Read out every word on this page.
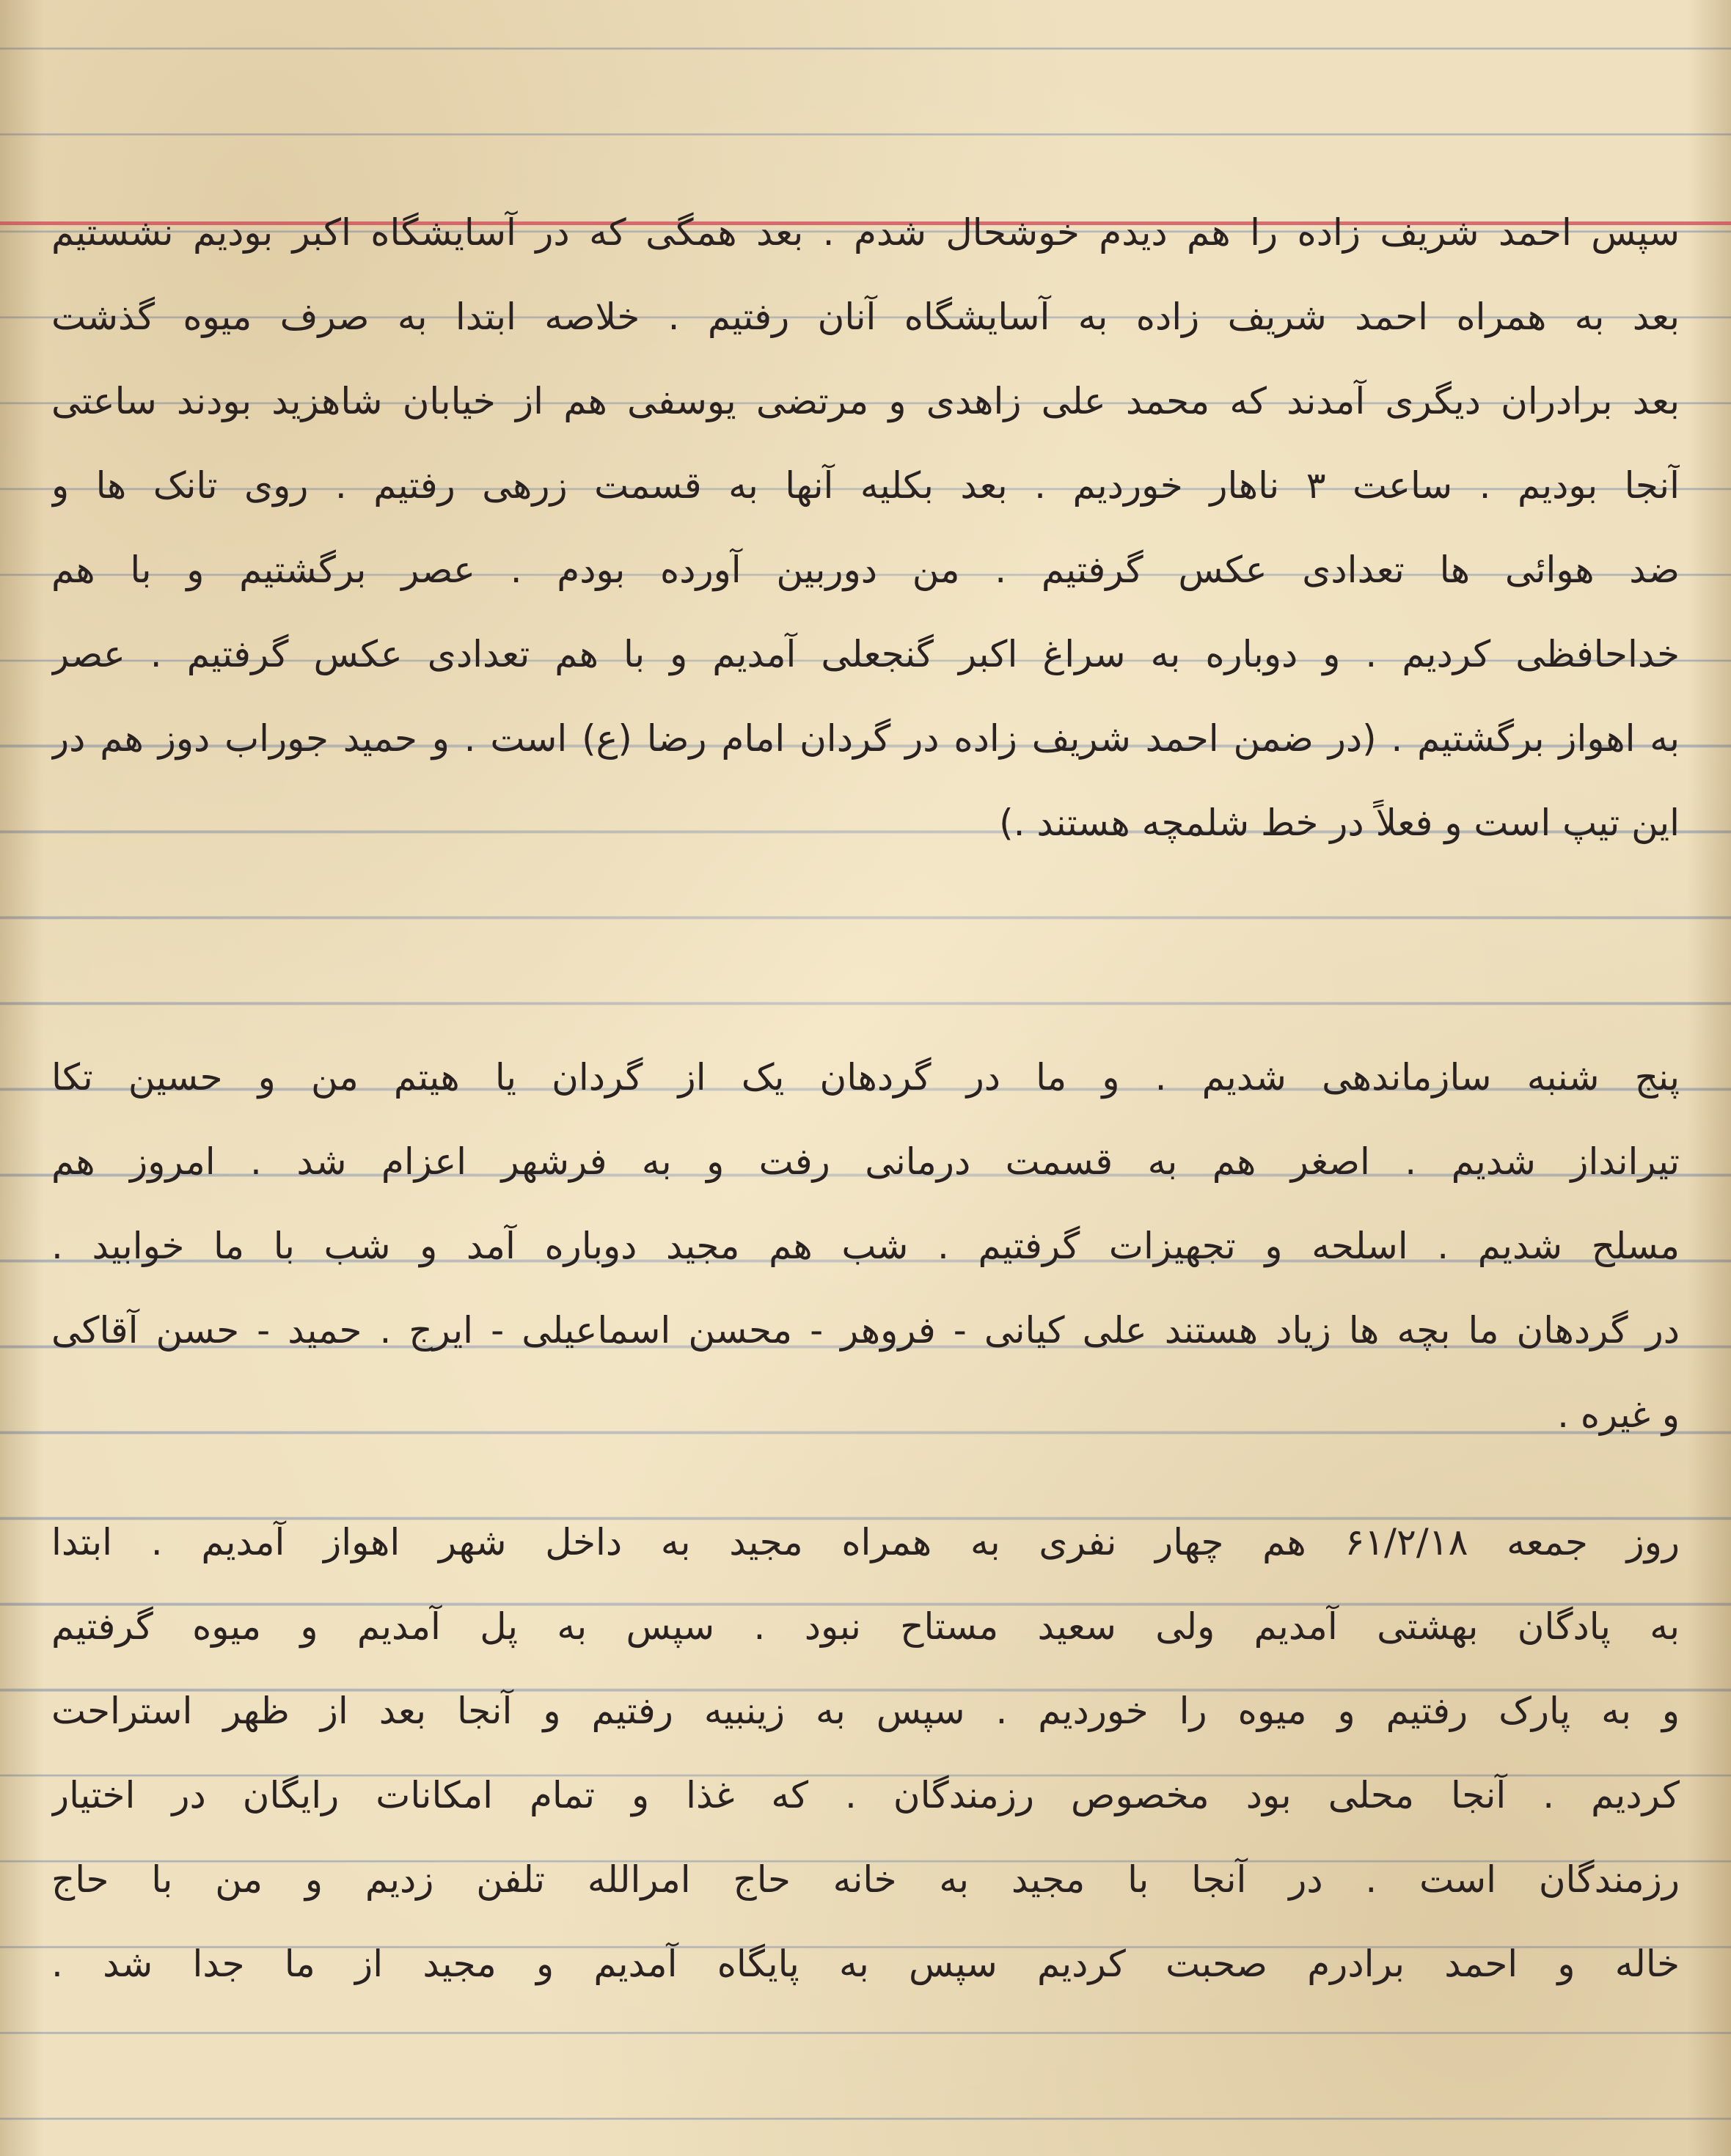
سپس احمد شریف زاده را هم دیدم خوشحال شدم . بعد همگی که در آسایشگاه اکبر بودیم نشستیم
بعد به همراه احمد شریف زاده به آسایشگاه آنان رفتیم . خلاصه ابتدا به صرف میوه گذشت
بعد برادران دیگری آمدند که محمد علی زاهدی و مرتضی یوسفی هم از خیابان شاهزید بودند ساعتی
آنجا بودیم . ساعت ۳ ناهار خوردیم . بعد بکلیه آنها به قسمت زرهی رفتیم . روی تانک ها و
ضد هوائی ها تعدادی عکس گرفتیم . من دوربین آورده بودم . عصر برگشتیم و با هم
خداحافظی کردیم . و دوباره به سراغ اکبر گنجعلی آمدیم و با هم تعدادی عکس گرفتیم . عصر
به اهواز برگشتیم . (در ضمن احمد شریف زاده در گردان امام رضا (ع) است . و حمید جوراب دوز هم در
این تیپ است و فعلاً در خط شلمچه هستند .)
پنج شنبه سازماندهی شدیم . و ما در گردهان یک از گردان یا هیتم من و حسین تکا
تیرانداز شدیم . اصغر هم به قسمت درمانی رفت و به فرشهر اعزام شد . امروز هم
مسلح شدیم . اسلحه و تجهیزات گرفتیم . شب هم مجید دوباره آمد و شب با ما خوابید .
در گردهان ما بچه ها زیاد هستند علی کیانی - فروهر - محسن اسماعیلی - ایرج . حمید - حسن آقاکی
و غیره .
روز جمعه ۶۱/۲/۱۸ هم چهار نفری به همراه مجید به داخل شهر اهواز آمدیم . ابتدا
به پادگان بهشتی آمدیم ولی سعید مستاح نبود . سپس به پل آمدیم و میوه گرفتیم
و به پارک رفتیم و میوه را خوردیم . سپس به زینبیه رفتیم و آنجا بعد از ظهر استراحت
کردیم . آنجا محلی بود مخصوص رزمندگان . که غذا و تمام امکانات رایگان در اختیار
رزمندگان است . در آنجا با مجید به خانه حاج امرالله تلفن زدیم و من با حاج
خاله و احمد برادرم صحبت کردیم سپس به پایگاه آمدیم و مجید از ما جدا شد .
